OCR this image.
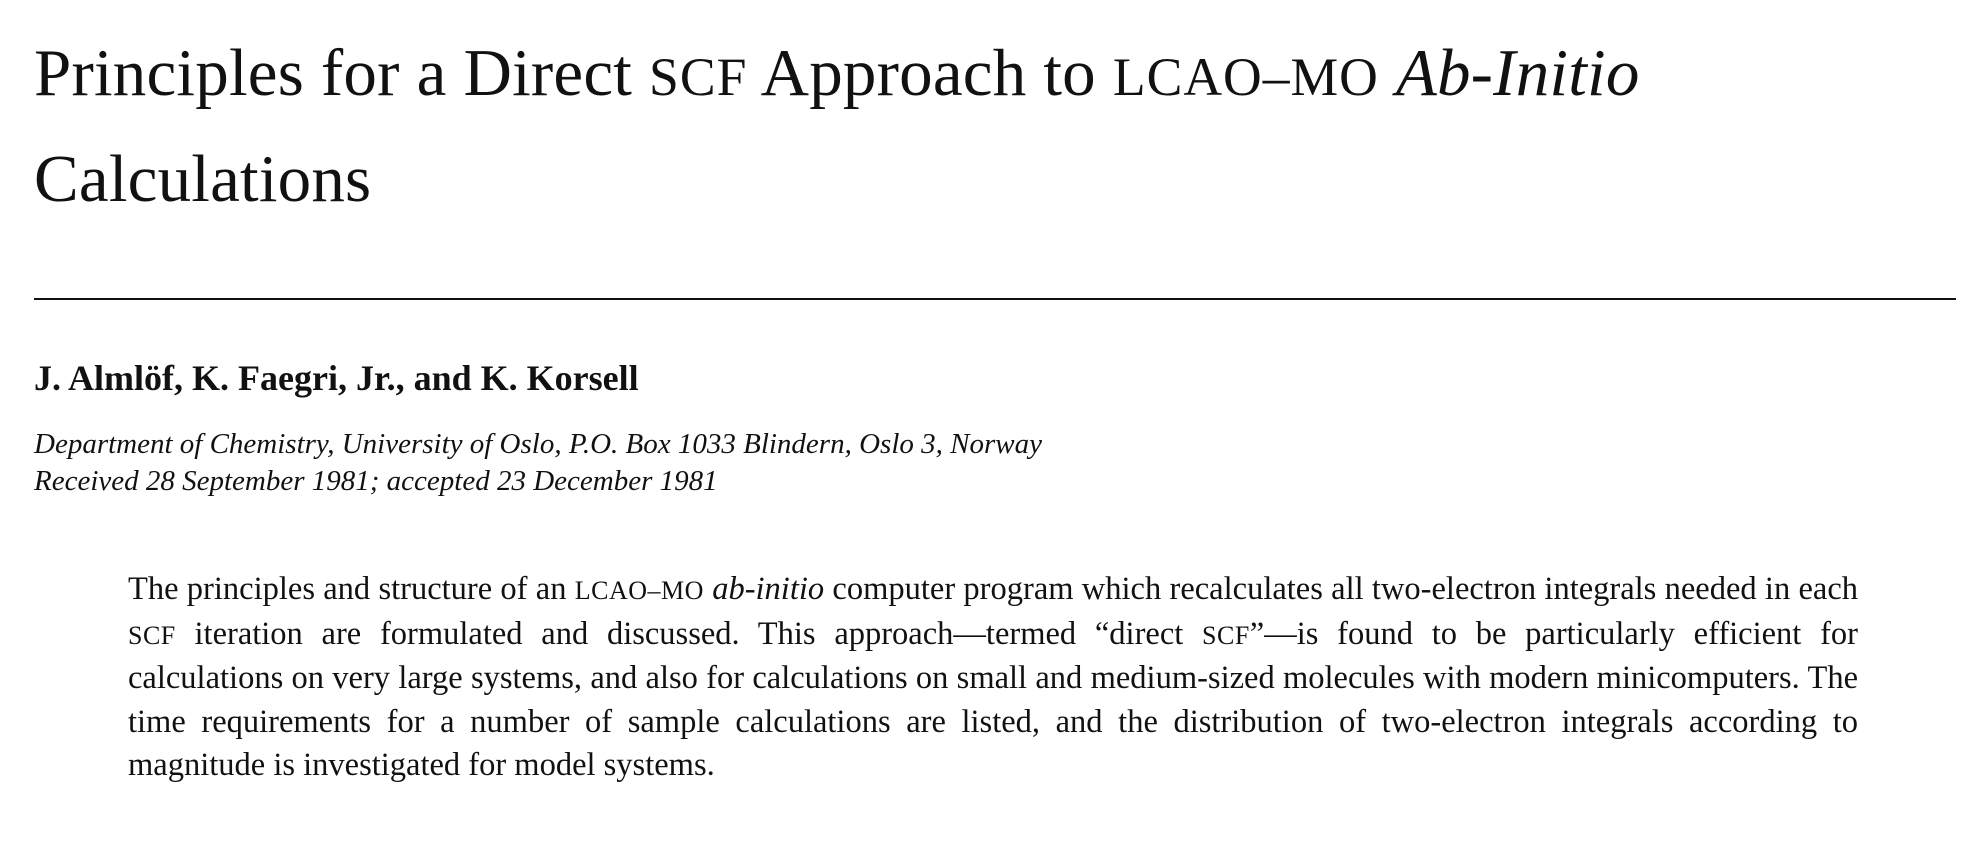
Principles for a Direct SCF Approach to LCAO–MO Ab-Initio Calculations
J. Almlöf, K. Faegri, Jr., and K. Korsell
Department of Chemistry, University of Oslo, P.O. Box 1033 Blindern, Oslo 3, Norway
Received 28 September 1981; accepted 23 December 1981

The principles and structure of an LCAO–MO ab-initio computer program which recalculates all two-electron integrals needed in each SCF iteration are formulated and discussed. This approach—termed “direct SCF”—is found to be particularly efficient for calculations on very large systems, and also for calculations on small and medium-sized molecules with modern minicomputers. The time requirements for a number of sample calculations are listed, and the distribution of two-electron integrals according to magnitude is investigated for model systems.
